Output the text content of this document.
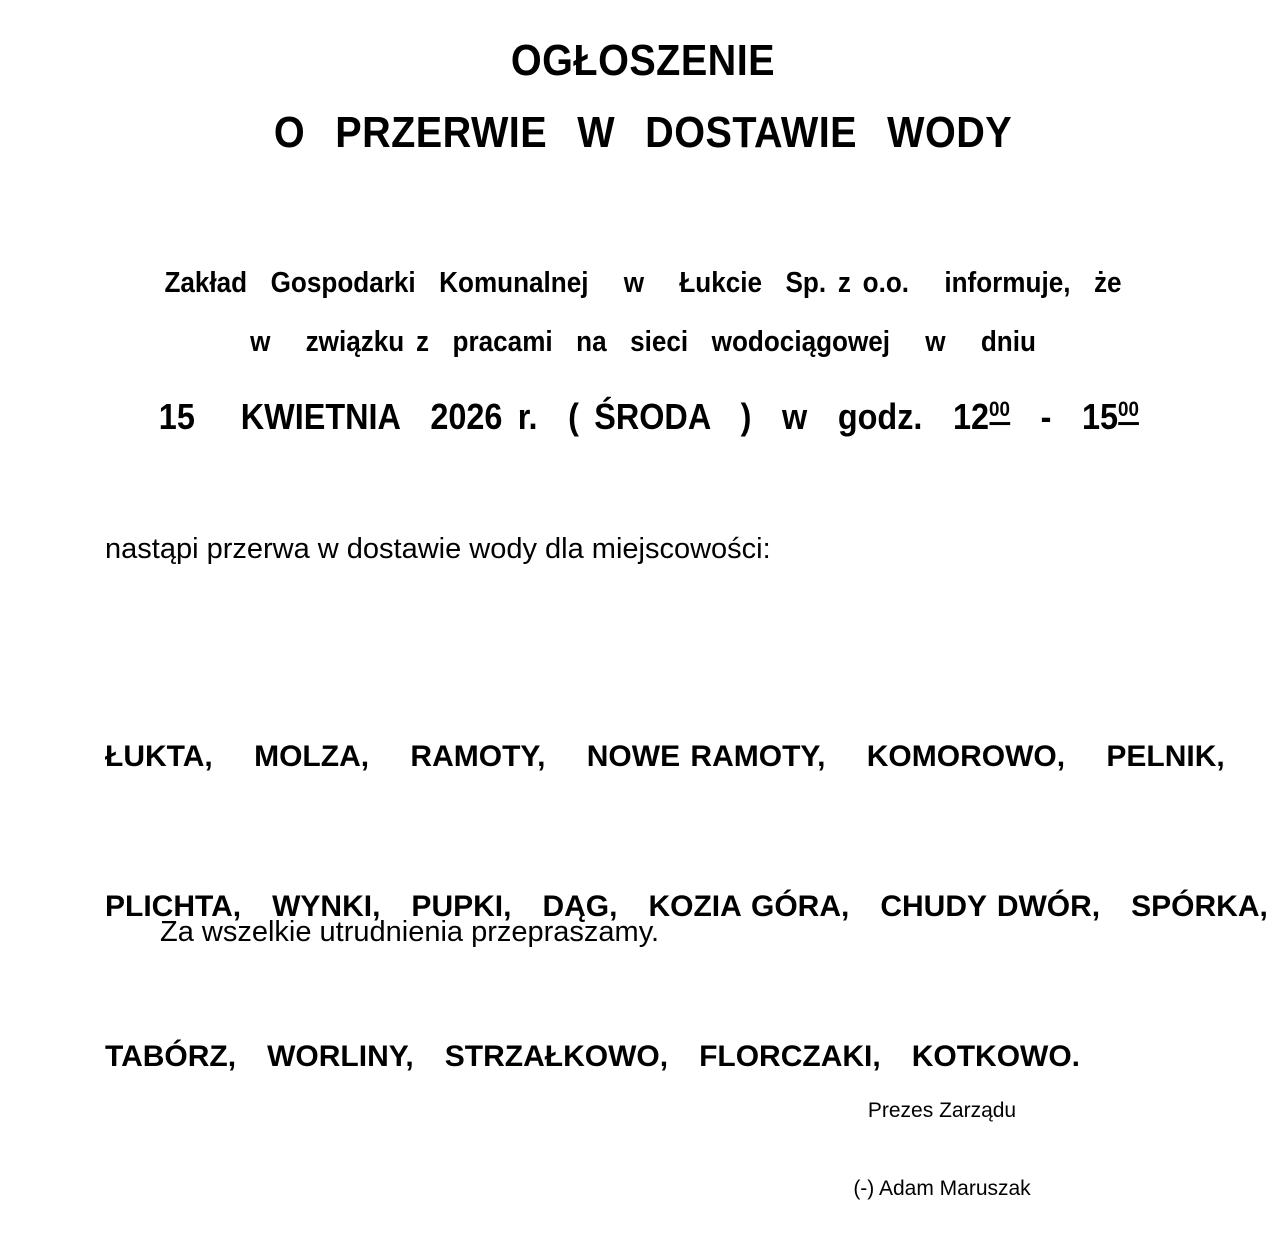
OGŁOSZENIE
O  PRZERWIE  W  DOSTAWIE  WODY
Zakład  Gospodarki  Komunalnej   w   Łukcie  Sp. z o.o.   informuje,  że
w   związku z  pracami  na  sieci  wodociągowej   w   dniu
15   KWIETNIA  2026 r.  ( ŚRODA  )  w  godz.  1200  -  1500
nastąpi przerwa w dostawie wody dla miejscowości:

ŁUKTA,    MOLZA,    RAMOTY,    NOWE RAMOTY,    KOMOROWO,    PELNIK,

PLICHTA,   WYNKI,   PUPKI,   DĄG,   KOZIA GÓRA,   CHUDY DWÓR,   SPÓRKA,

TABÓRZ,   WORLINY,   STRZAŁKOWO,   FLORCZAKI,   KOTKOWO.

Za wszelkie utrudnienia przepraszamy.

Prezes Zarządu

(-) Adam Maruszak
